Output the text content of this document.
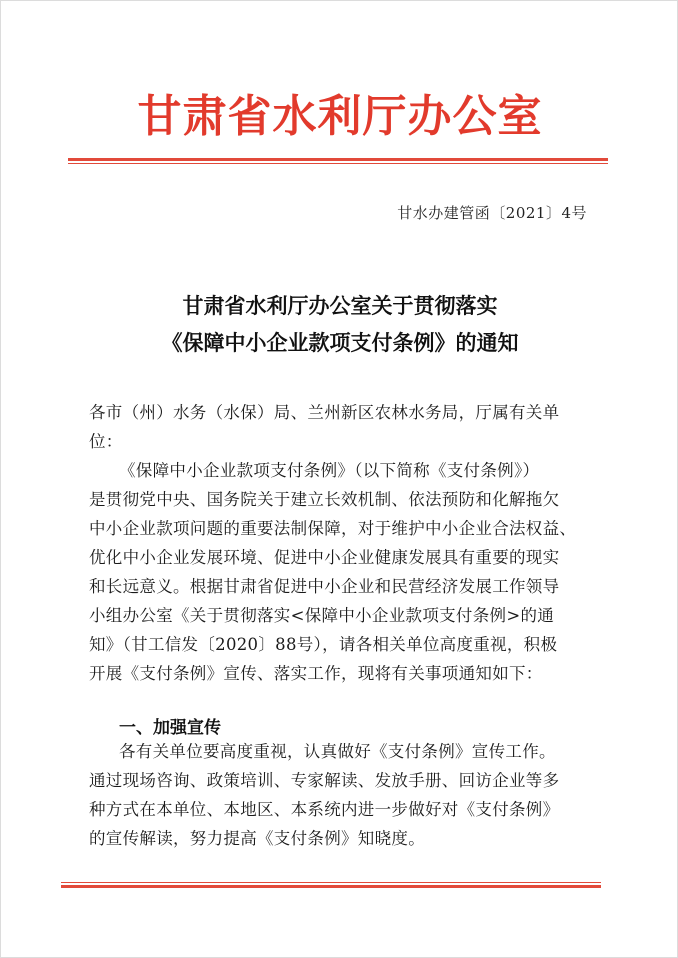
甘肃省水利厅办公室
甘水办建管函〔2021〕4号
甘肃省水利厅办公室关于贯彻落实
《保障中小企业款项支付条例》的通知
各市（州）水务（水保）局、兰州新区农林水务局，厅属有关单
位：
《保障中小企业款项支付条例》（以下简称《支付条例》）
是贯彻党中央、国务院关于建立长效机制、依法预防和化解拖欠
中小企业款项问题的重要法制保障，对于维护中小企业合法权益、
优化中小企业发展环境、促进中小企业健康发展具有重要的现实
和长远意义。根据甘肃省促进中小企业和民营经济发展工作领导
小组办公室《关于贯彻落实<保障中小企业款项支付条例>的通
知》（甘工信发〔2020〕88号），请各相关单位高度重视，积极
开展《支付条例》宣传、落实工作，现将有关事项通知如下：
一、加强宣传
各有关单位要高度重视，认真做好《支付条例》宣传工作。
通过现场咨询、政策培训、专家解读、发放手册、回访企业等多
种方式在本单位、本地区、本系统内进一步做好对《支付条例》
的宣传解读，努力提高《支付条例》知晓度。
